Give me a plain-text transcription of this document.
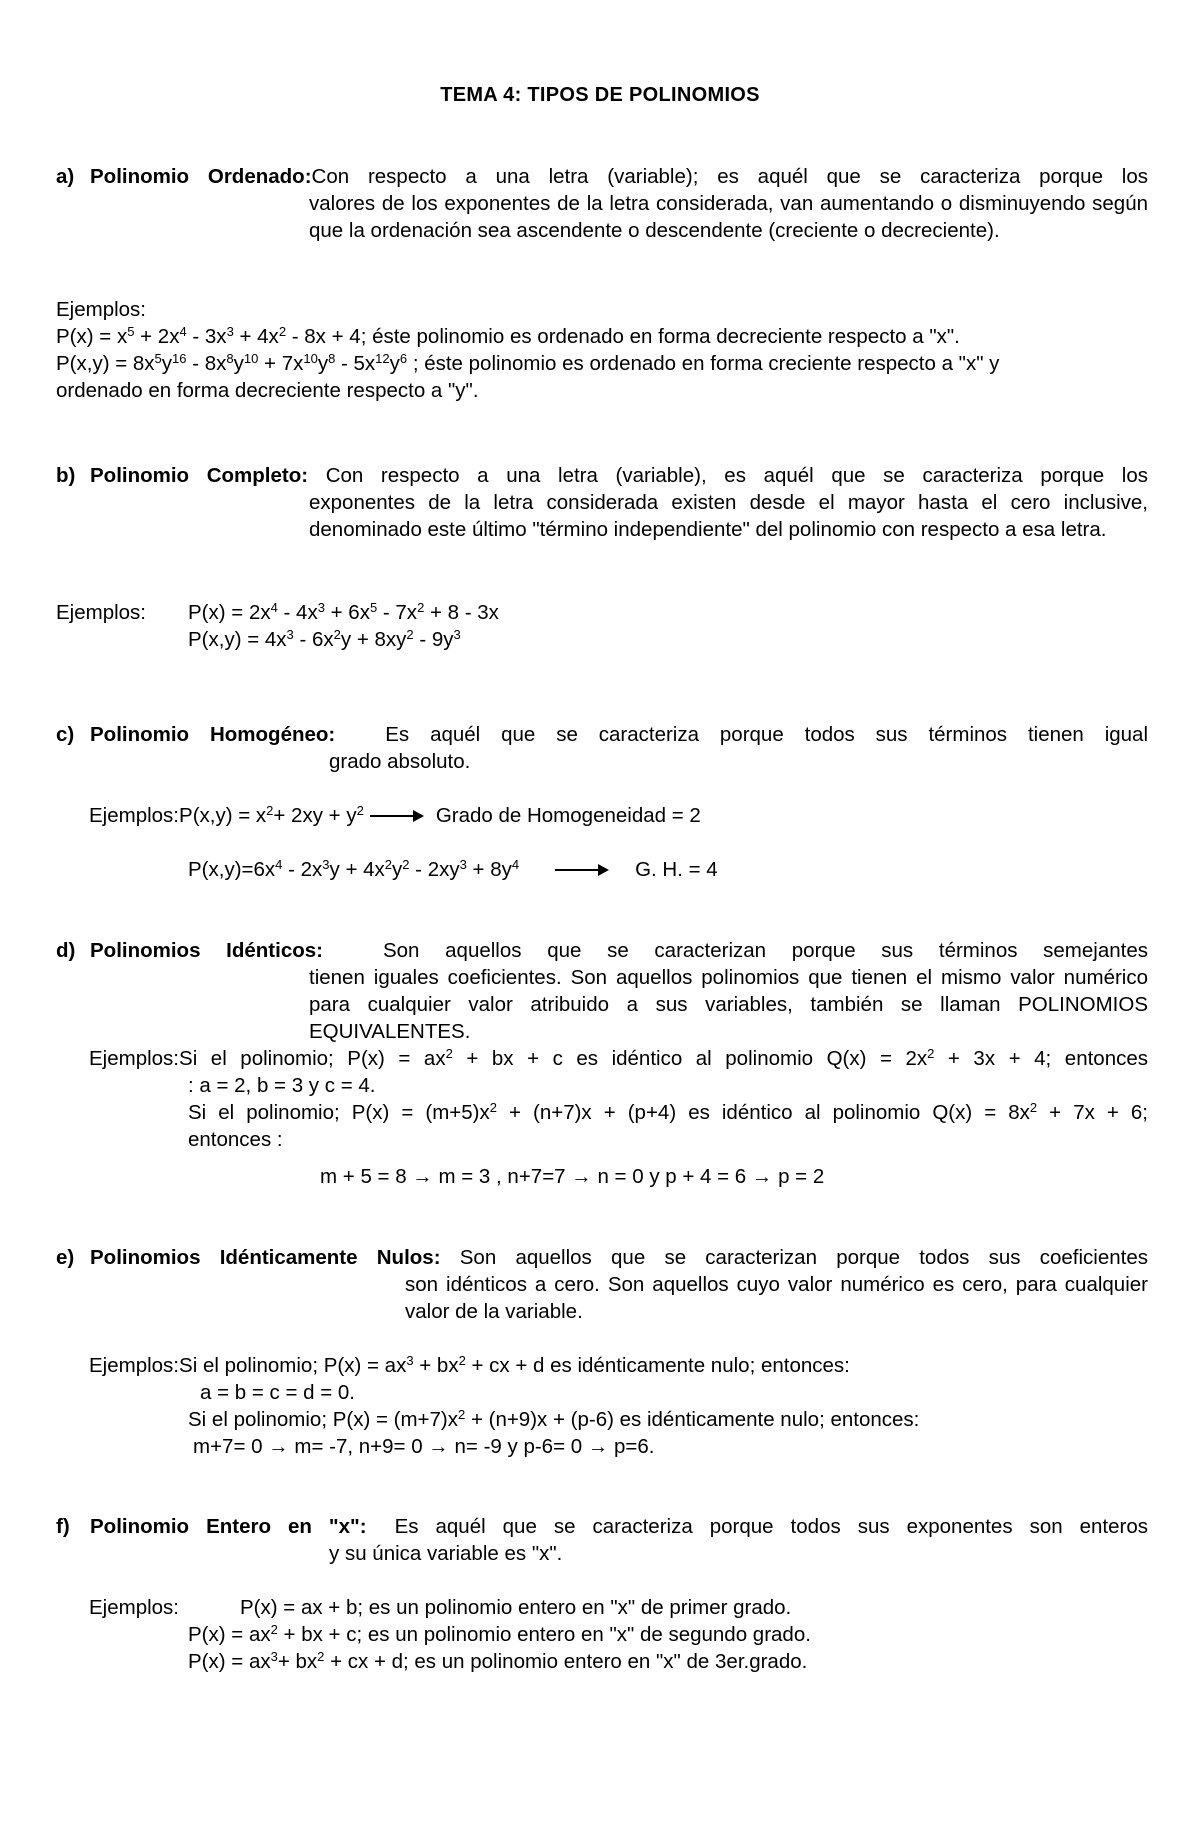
TEMA 4: TIPOS DE POLINOMIOS
a) Polinomio Ordenado:Con respecto a una letra (variable); es aquél que se caracteriza porque los
valores de los exponentes de la letra considerada, van aumentando o disminuyendo según que la ordenación sea ascendente o descendente (creciente o decreciente).
Ejemplos:
$P(x) = x^5 + 2x^4 - 3x^3 + 4x^2 - 8x + 4$; éste polinomio es ordenado en forma decreciente respecto a "x".
$P(x,y) = 8x^5y^{16} - 8x^8y^{10} + 7x^{10}y^8 - 5x^{12}y^6$ ; éste polinomio es ordenado en forma creciente respecto a "x" y
ordenado en forma decreciente respecto a "y".
b) Polinomio Completo: Con respecto a una letra (variable), es aquél que se caracteriza porque los
exponentes de la letra considerada existen desde el mayor hasta el cero inclusive, denominado este último "término independiente" del polinomio con respecto a esa letra.
Ejemplos: $P(x) = 2x^4 - 4x^3 + 6x^5 - 7x^2 + 8 - 3x$
$P(x,y) = 4x^3 - 6x^2y + 8xy^2 - 9y^3$
c) Polinomio Homogéneo: Es aquél que se caracteriza porque todos sus términos tienen igual
grado absoluto.
Ejemplos:P(x,y) = $x^2+ 2xy + y^2$	Grado de Homogeneidad = 2
$P(x,y)=6x^4 - 2x^3y + 4x^2y^2 - 2xy^3 + 8y^4$	G. H. = 4
d) Polinomios Idénticos:	Son aquellos que se caracterizan porque sus términos semejantes
tienen iguales coeficientes. Son aquellos polinomios que tienen el mismo valor numérico para cualquier valor atribuido a sus variables, también se llaman POLINOMIOS EQUIVALENTES.
Ejemplos:Si el polinomio; $P(x) = ax^2$ + bx + c es idéntico al polinomio $Q(x) = 2x^2 + 3x + 4$; entonces
: a = 2, b = 3 y c = 4.
Si el polinomio; $P(x) = (m+5)x^2 + (n+7)x + (p+4)$ es idéntico al polinomio $Q(x) = 8x^2 + 7x + 6$;
entonces :
m + 5 = 8 → m = 3 , n+7=7 → n = 0 y p + 4 = 6 → p = 2
e) Polinomios Idénticamente Nulos: Son aquellos que se caracterizan porque todos sus coeficientes
son idénticos a cero. Son aquellos cuyo valor numérico es cero, para cualquier valor de la variable.
Ejemplos:Si el polinomio; $P(x) = ax^3 + bx^2$ + cx + d es idénticamente nulo; entonces:
a = b = c = d = 0.
Si el polinomio; $P(x) = (m+7)x^2 + (n+9)x + (p-6)$ es idénticamente nulo; entonces:
m+7= 0 → m= -7, n+9= 0 → n= -9 y p-6= 0 → p=6.
f) Polinomio Entero en "x": Es aquél que se caracteriza porque todos sus exponentes son enteros
y su única variable es "x".
Ejemplos:	P(x) = ax + b; es un polinomio entero en "x" de primer grado.
$P(x) = ax^2$ + bx + c; es un polinomio entero en "x" de segundo grado.
$P(x) = ax^3+ bx^2$ + cx + d; es un polinomio entero en "x" de 3er.grado.
